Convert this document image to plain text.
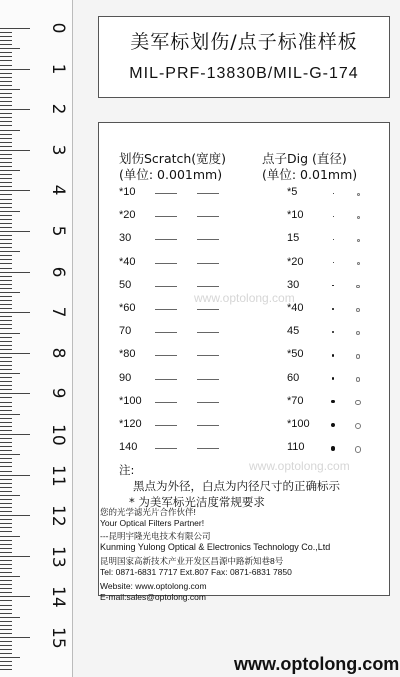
0
1
2
3
4
5
6
7
8
9
10
11
12
13
14
15
美军标划伤/点子标准样板
MIL-PRF-13830B/MIL-G-174
划伤Scratch(宽度)
(单位: 0.001mm)
点子Dig (直径)
(单位: 0.01mm)
*10
*20
30
*40
50
*60
70
*80
90
*100
*120
140
*5
*10
15
*20
30
*40
45
*50
60
*70
*100
110
注:
黑点为外径，白点为内径尺寸的正确标示
* 为美军标光洁度常规要求
www.optolong.com
www.optolong.com
您的光学滤光片合作伙伴!
Your Optical Filters Partner!
---昆明宇隆光电技术有限公司
Kunming Yulong Optical & Electronics Technology Co.,Ltd
昆明国家高新技术产业开发区昌源中路新知巷8号
Tel: 0871-6831 7717 Ext.807 Fax: 0871-6831 7850
Website: www.optolong.com
E-mail:sales@optolong.com
www.optolong.com
